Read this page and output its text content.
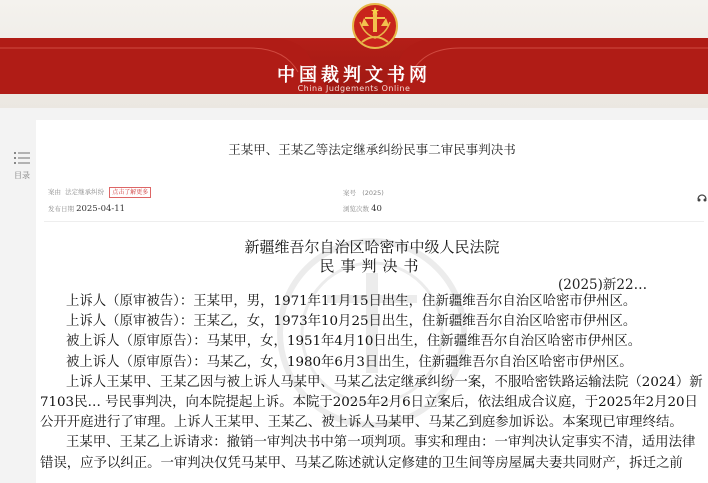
中国裁判文书网
China Judgements Online
目录
王某甲、王某乙等法定继承纠纷民事二审民事判决书
案由 法定继承纠纷 点击了解更多	案号 (2025)
发布日期 2025-04-11	浏览次数 40
新疆维吾尔自治区哈密市中级人民法院
民事判决书
(2025)新22…

上诉人（原审被告）：王某甲，男，1971年11月15日出生，住新疆维吾尔自治区哈密市伊州区。

上诉人（原审被告）：王某乙，女，1973年10月25日出生，住新疆维吾尔自治区哈密市伊州区。

被上诉人（原审原告）：马某甲，女，1951年4月10日出生，住新疆维吾尔自治区哈密市伊州区。

被上诉人（原审原告）：马某乙，女，1980年6月3日出生，住新疆维吾尔自治区哈密市伊州区。

上诉人王某甲、王某乙因与被上诉人马某甲、马某乙法定继承纠纷一案，不服哈密铁路运输法院（2024）新

7103民… 号民事判决，向本院提起上诉。本院于2025年2月6日立案后，依法组成合议庭，于2025年2月20日

公开开庭进行了审理。上诉人王某甲、王某乙、被上诉人马某甲、马某乙到庭参加诉讼。本案现已审理终结。

王某甲、王某乙上诉请求：撤销一审判决书中第一项判项。事实和理由：一审判决认定事实不清，适用法律

错误，应予以纠正。一审判决仅凭马某甲、马某乙陈述就认定修建的卫生间等房屋属夫妻共同财产，拆迁之前
